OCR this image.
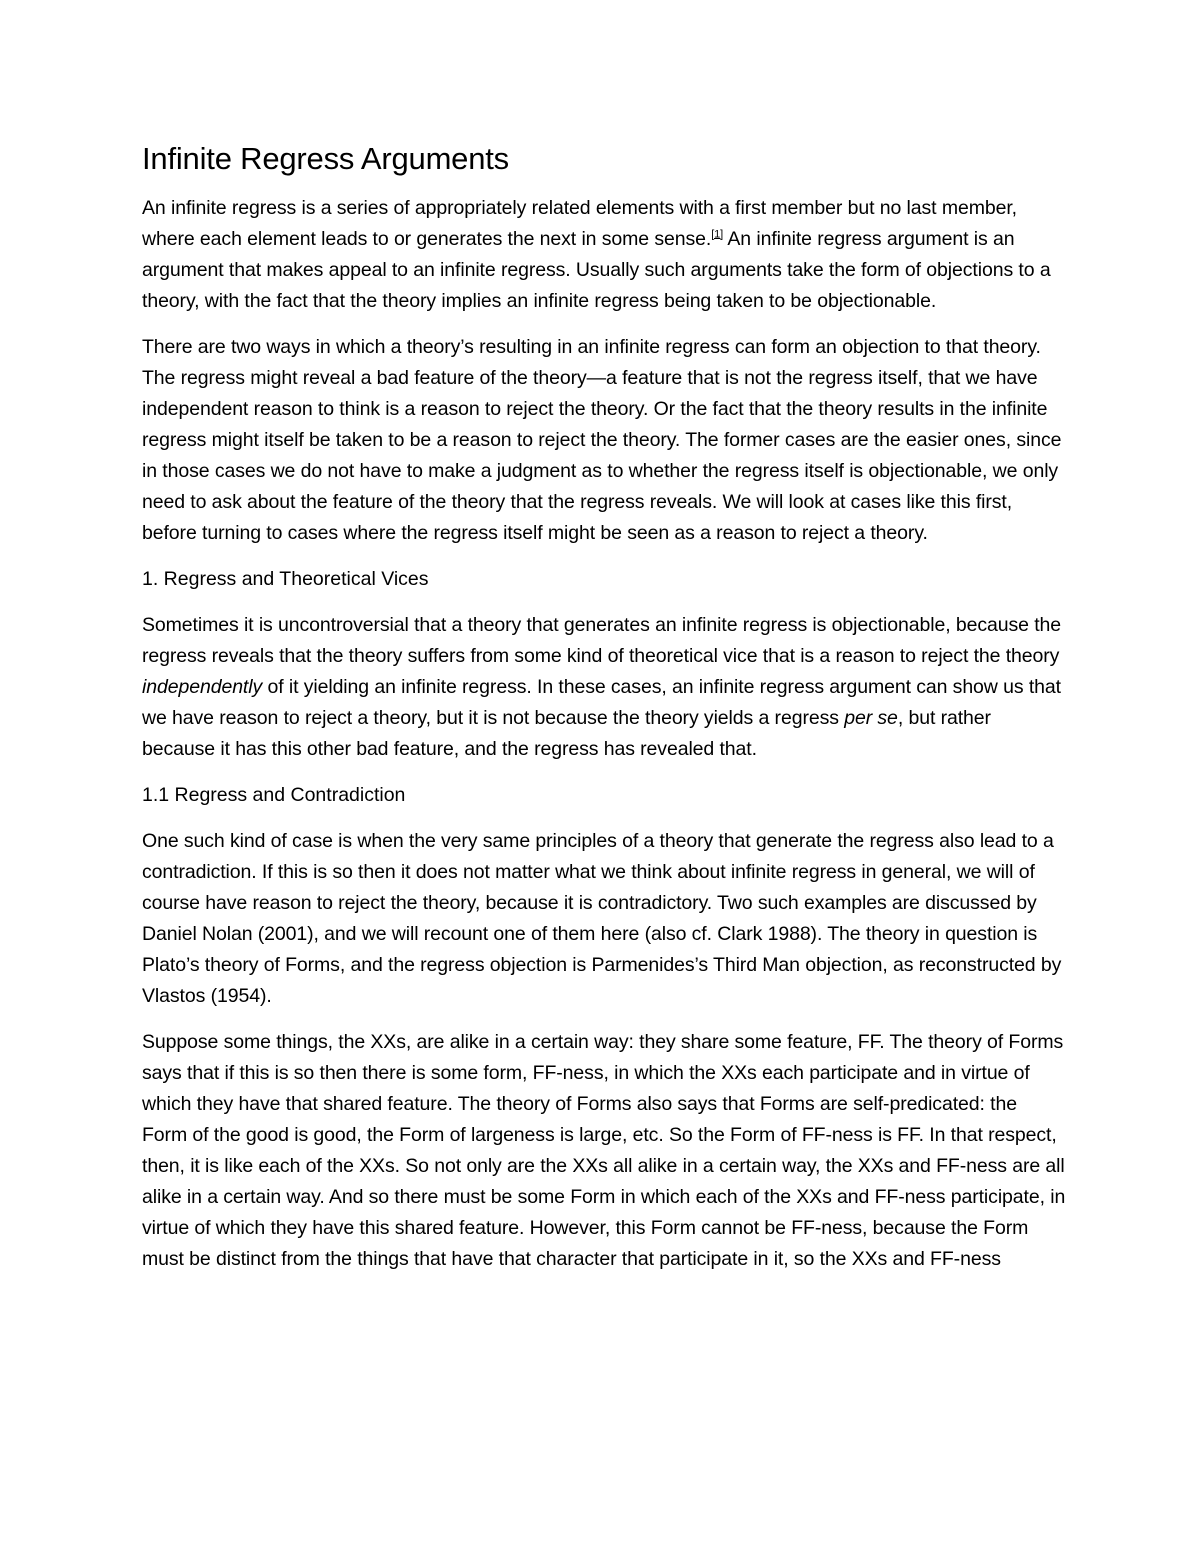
Infinite Regress Arguments

An infinite regress is a series of appropriately related elements with a first member but no last member, where each element leads to or generates the next in some sense.[1] An infinite regress argument is an argument that makes appeal to an infinite regress. Usually such arguments take the form of objections to a theory, with the fact that the theory implies an infinite regress being taken to be objectionable.

There are two ways in which a theory’s resulting in an infinite regress can form an objection to that theory. The regress might reveal a bad feature of the theory—a feature that is not the regress itself, that we have independent reason to think is a reason to reject the theory. Or the fact that the theory results in the infinite regress might itself be taken to be a reason to reject the theory. The former cases are the easier ones, since in those cases we do not have to make a judgment as to whether the regress itself is objectionable, we only need to ask about the feature of the theory that the regress reveals. We will look at cases like this first, before turning to cases where the regress itself might be seen as a reason to reject a theory.

1. Regress and Theoretical Vices

Sometimes it is uncontroversial that a theory that generates an infinite regress is objectionable, because the regress reveals that the theory suffers from some kind of theoretical vice that is a reason to reject the theory independently of it yielding an infinite regress. In these cases, an infinite regress argument can show us that we have reason to reject a theory, but it is not because the theory yields a regress per se, but rather because it has this other bad feature, and the regress has revealed that.

1.1 Regress and Contradiction

One such kind of case is when the very same principles of a theory that generate the regress also lead to a contradiction. If this is so then it does not matter what we think about infinite regress in general, we will of course have reason to reject the theory, because it is contradictory. Two such examples are discussed by Daniel Nolan (2001), and we will recount one of them here (also cf. Clark 1988). The theory in question is Plato’s theory of Forms, and the regress objection is Parmenides’s Third Man objection, as reconstructed by Vlastos (1954).

Suppose some things, the XXs, are alike in a certain way: they share some feature, FF. The theory of Forms says that if this is so then there is some form, FF-ness, in which the XXs each participate and in virtue of which they have that shared feature. The theory of Forms also says that Forms are self-predicated: the Form of the good is good, the Form of largeness is large, etc. So the Form of FF-ness is FF. In that respect, then, it is like each of the XXs. So not only are the XXs all alike in a certain way, the XXs and FF-ness are all alike in a certain way. And so there must be some Form in which each of the XXs and FF-ness participate, in virtue of which they have this shared feature. However, this Form cannot be FF-ness, because the Form must be distinct from the things that have that character that participate in it, so the XXs and FF-ness
